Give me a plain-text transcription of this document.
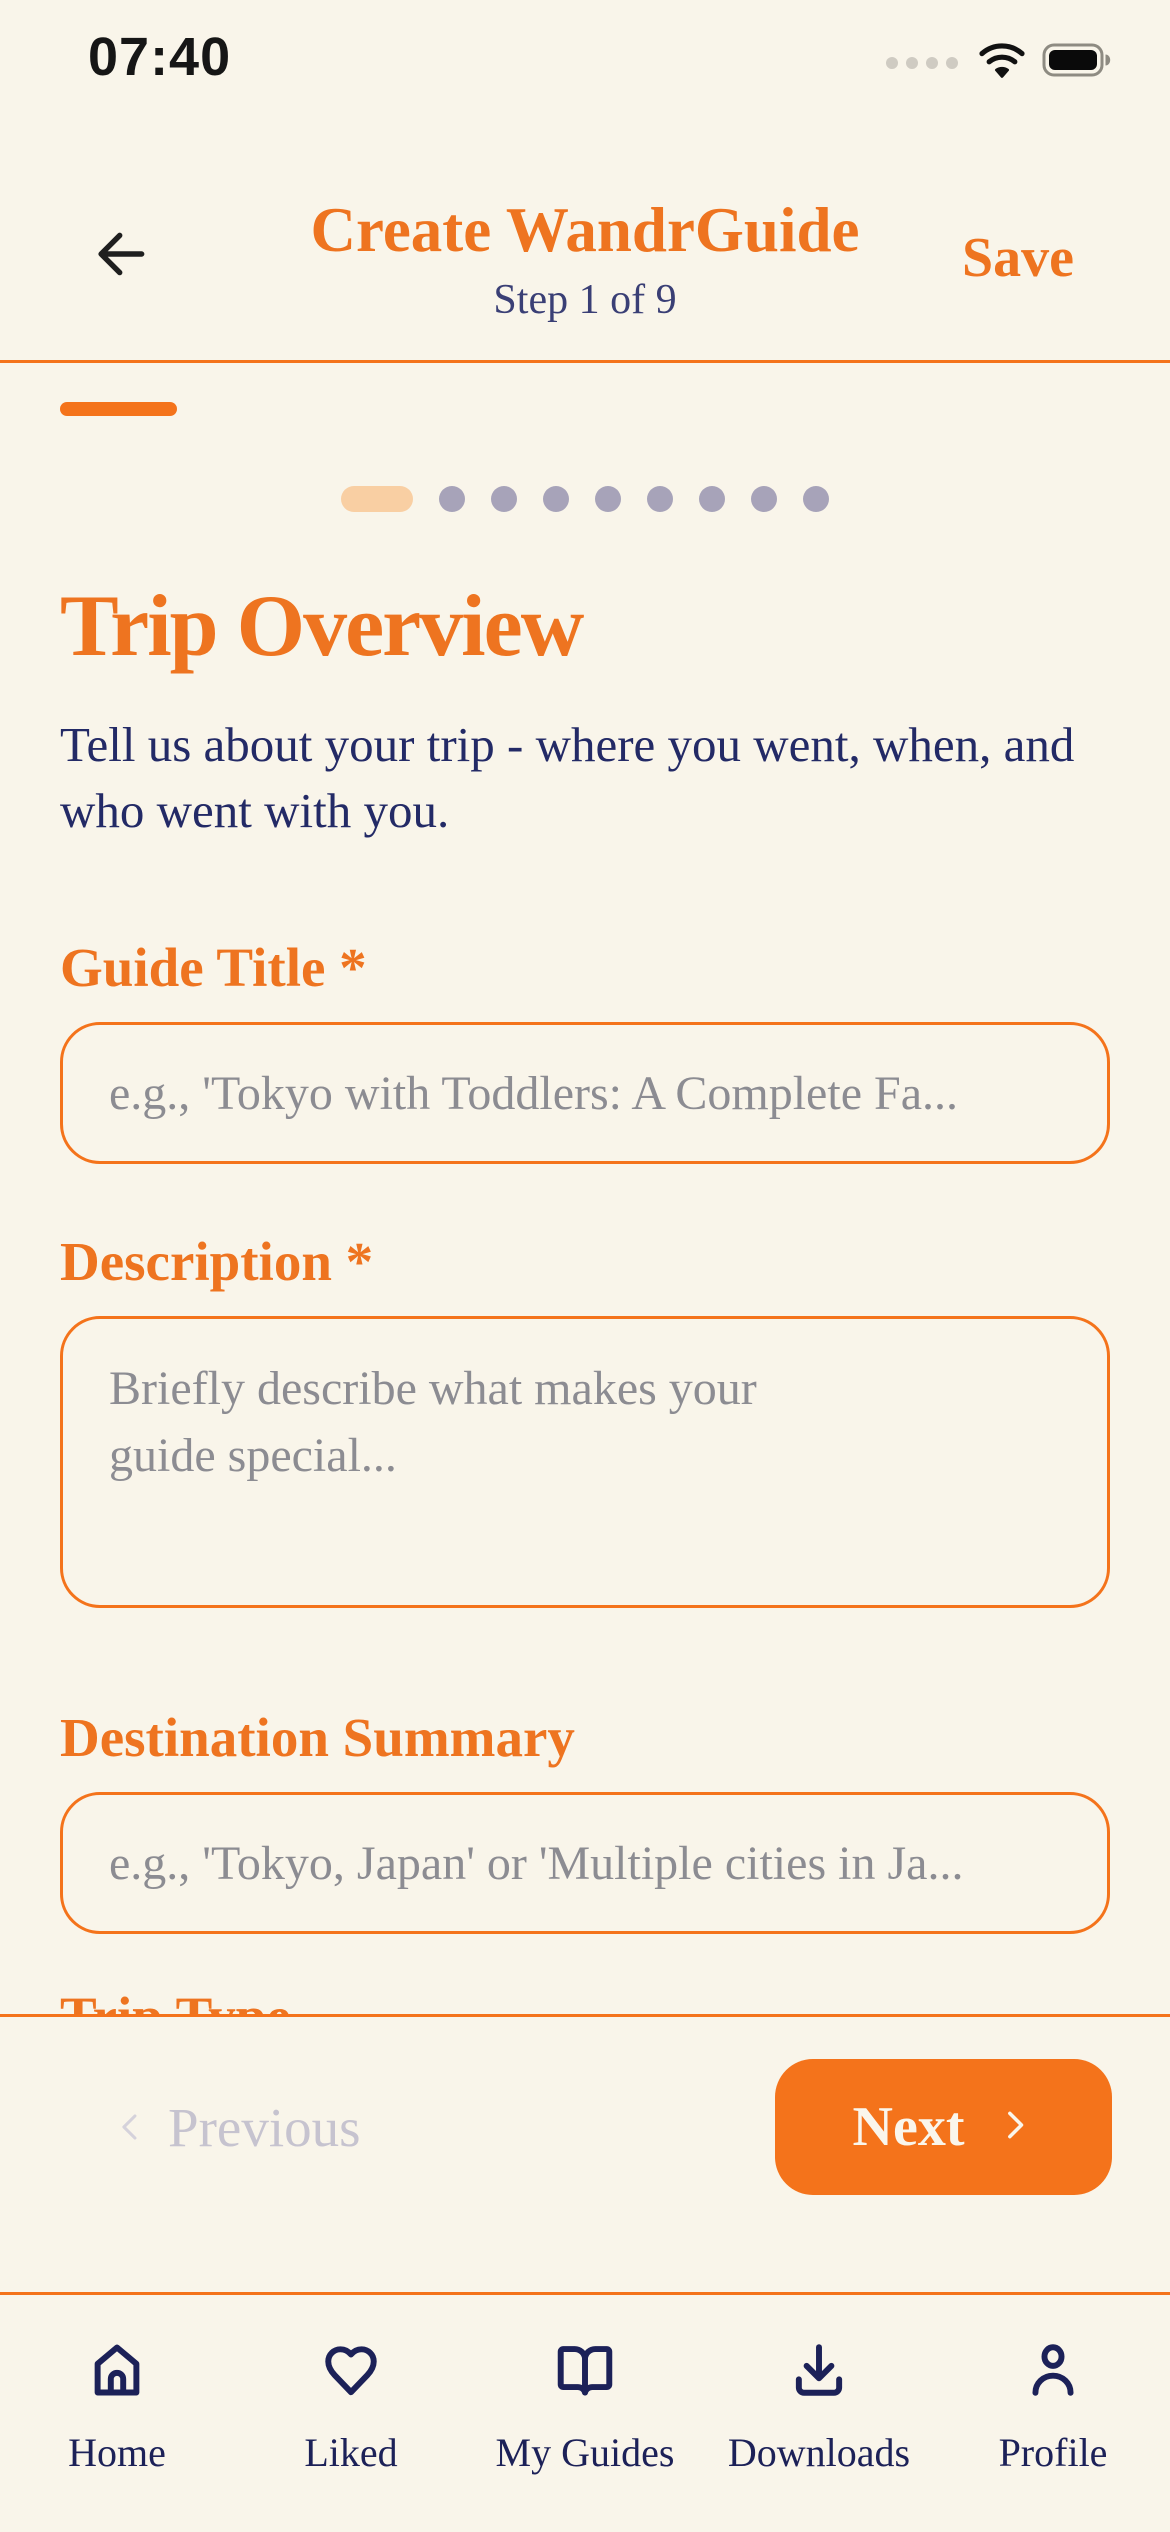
07:40
Create WandrGuide
Step 1 of 9
Save
Trip Overview
Tell us about your trip - where you went, when, and who went with you.
Guide Title *
e.g., 'Tokyo with Toddlers: A Complete Fa...
Description *
Briefly describe what makes your guide special...
Destination Summary
e.g., 'Tokyo, Japan' or 'Multiple cities in Ja...
Previous	Next
Home	Liked My Guides Downloads Profile
